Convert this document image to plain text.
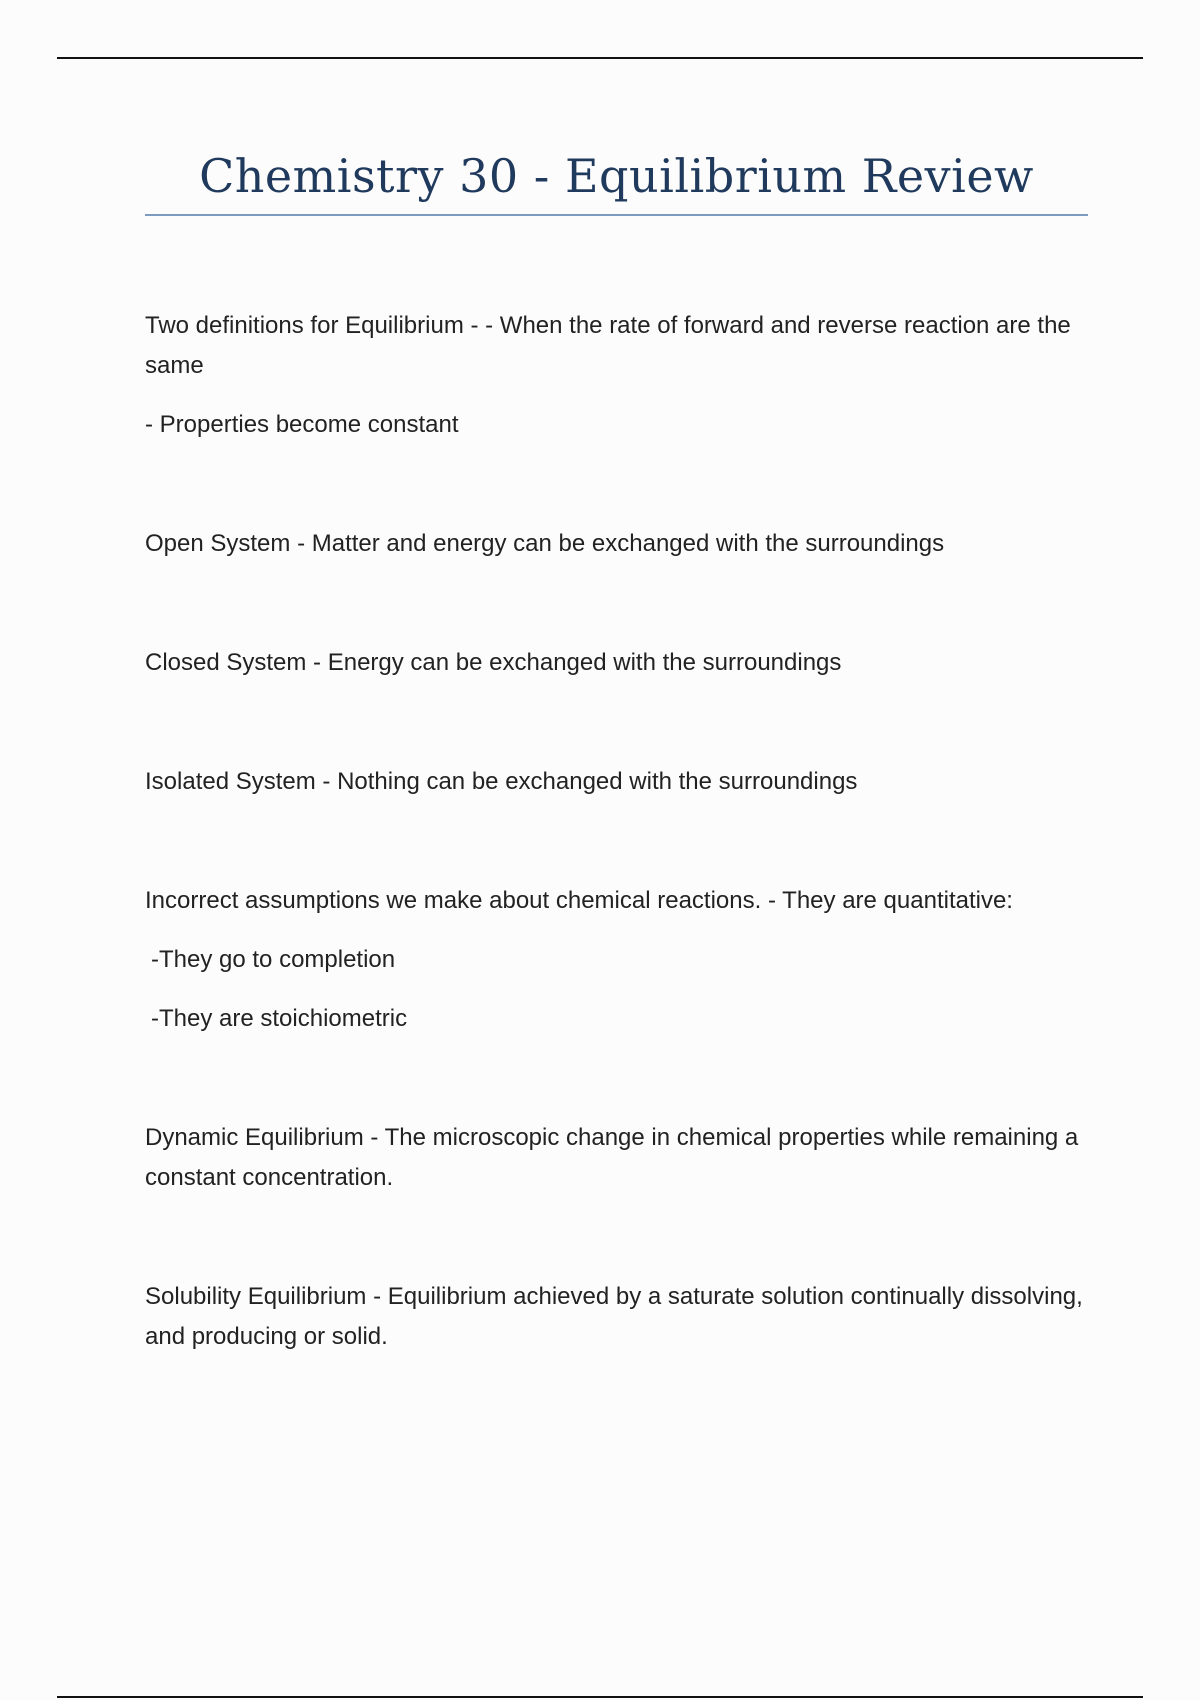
Chemistry 30 - Equilibrium Review

Two definitions for Equilibrium - - When the rate of forward and reverse reaction are the same

- Properties become constant

Open System - Matter and energy can be exchanged with the surroundings

Closed System - Energy can be exchanged with the surroundings

Isolated System - Nothing can be exchanged with the surroundings

Incorrect assumptions we make about chemical reactions. - They are quantitative:

-They go to completion

-They are stoichiometric

Dynamic Equilibrium - The microscopic change in chemical properties while remaining a constant concentration.

Solubility Equilibrium - Equilibrium achieved by a saturate solution continually dissolving, and producing or solid.
